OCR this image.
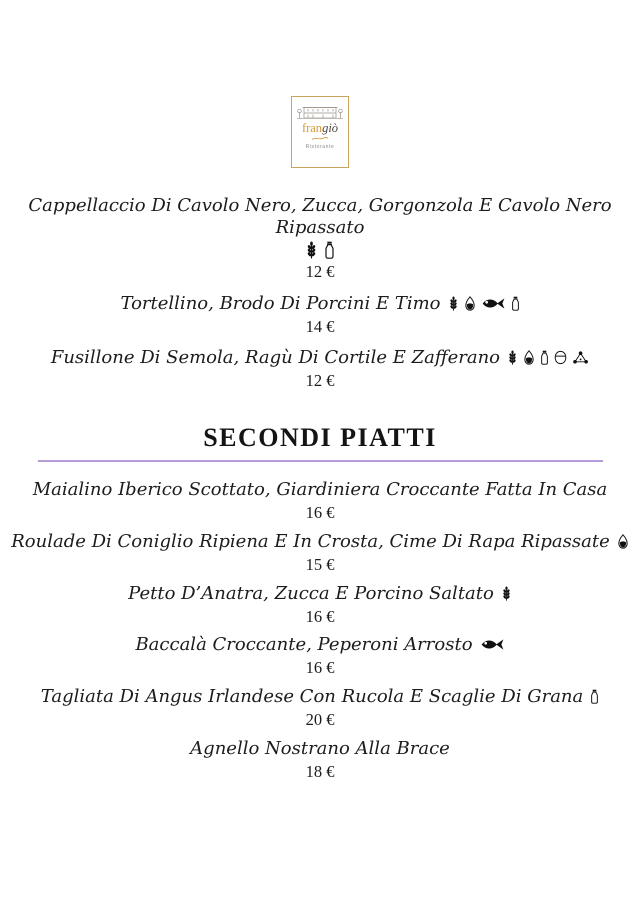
frangiò
Ristorante
Cappellaccio Di Cavolo Nero, Zucca, Gorgonzola E Cavolo Nero Ripassato
12 €
Tortellino, Brodo Di Porcini E Timo
14 €
Fusillone Di Semola, Ragù Di Cortile E Zafferano
12 €
SECONDI PIATTI
Maialino Iberico Scottato, Giardiniera Croccante Fatta In Casa
16 €
Roulade Di Coniglio Ripiena E In Crosta, Cime Di Rapa Ripassate
15 €
Petto D’Anatra, Zucca E Porcino Saltato
16 €
Baccalà Croccante, Peperoni Arrosto
16 €
Tagliata Di Angus Irlandese Con Rucola E Scaglie Di Grana
20 €
Agnello Nostrano Alla Brace
18 €
